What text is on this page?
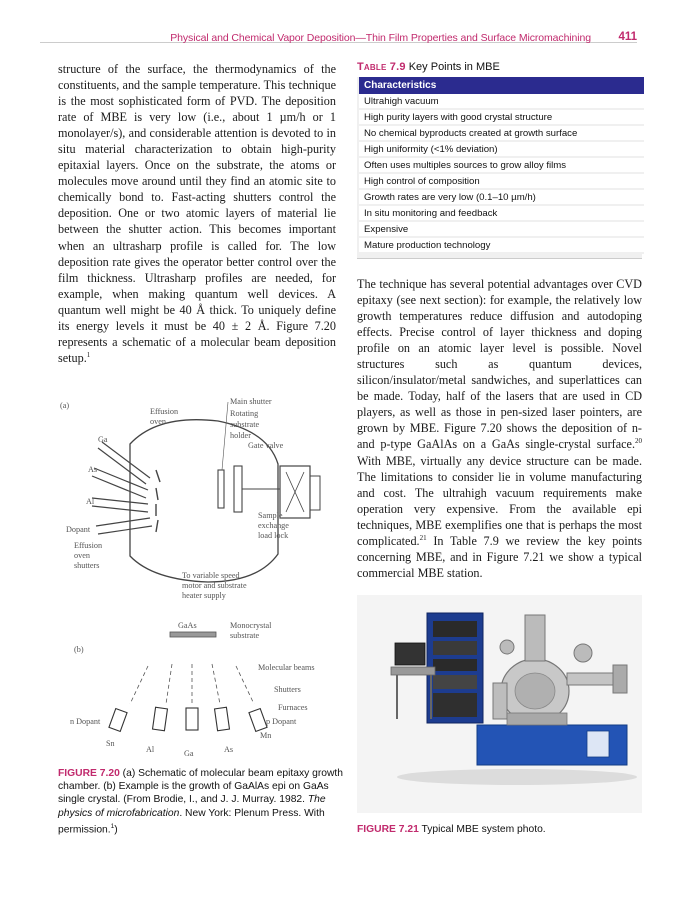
Physical and Chemical Vapor Deposition—Thin Film Properties and Surface Micromachining 411

structure of the surface, the thermodynamics of the constituents, and the sample temperature. This technique is the most sophisticated form of PVD. The deposition rate of MBE is very low (i.e., about 1 µm/h or 1 monolayer/s), and considerable attention is devoted to in situ material characterization to obtain high-purity epitaxial layers. Once on the substrate, the atoms or molecules move around until they find an atomic site to chemically bond to. Fast-acting shutters control the deposition. One or two atomic layers of material lie between the shutter action. This becomes important when an ultrasharp profile is called for. The low deposition rate gives the operator better control over the film thickness. Ultrasharp profiles are needed, for example, when making quantum well devices. A quantum well might be 40 Å thick. To uniquely define its energy levels it must be 40 ± 2 Å. Figure 7.20 represents a schematic of a molecular beam deposition setup.$^1$

(a)
Effusion
oven
Main shutter
Rotating
substrate
holder
Gate valve
Ga
As
Al
Dopant
Effusion
oven
shutters
Sample
exchange
load lock
To variable speed
motor and substrate
heater supply
(b)
GaAs	Monocrystal
substrate
Molecular beams
Shutters
Furnaces
n Dopant	p Dopant
Sn
Mn
Al	Ga	As

FIGURE 7.20 (a) Schematic of molecular beam epitaxy growth chamber. (b) Example is the growth of GaAlAs epi on GaAs single crystal. (From Brodie, I., and J. J. Murray. 1982. The physics of microfabrication. New York: Plenum Press. With permission.$^1$)

Table 7.9 Key Points in MBE

Characteristics
Ultrahigh vacuum
High purity layers with good crystal structure
No chemical byproducts created at growth surface
High uniformity (<1% deviation)
Often uses multiples sources to grow alloy films
High control of composition
Growth rates are very low (0.1–10 µm/h)
In situ monitoring and feedback
Expensive
Mature production technology

The technique has several potential advantages over CVD epitaxy (see next section): for example, the relatively low growth temperatures reduce diffusion and autodoping effects. Precise control of layer thickness and doping profile on an atomic layer level is possible. Novel structures such as quantum devices, silicon/insulator/metal sandwiches, and superlattices can be made. Today, half of the lasers that are used in CD players, as well as those in pen-sized laser pointers, are grown by MBE. Figure 7.20 shows the deposition of n- and p-type GaAlAs on a GaAs single-crystal surface.$^{20}$ With MBE, virtually any device structure can be made. The limitations to consider lie in volume manufacturing and cost. The ultrahigh vacuum requirements make operation very expensive. From the available epi techniques, MBE exemplifies one that is perhaps the most complicated.$^{21}$ In Table 7.9 we review the key points concerning MBE, and in Figure 7.21 we show a typical commercial MBE station.

FIGURE 7.21 Typical MBE system photo.
